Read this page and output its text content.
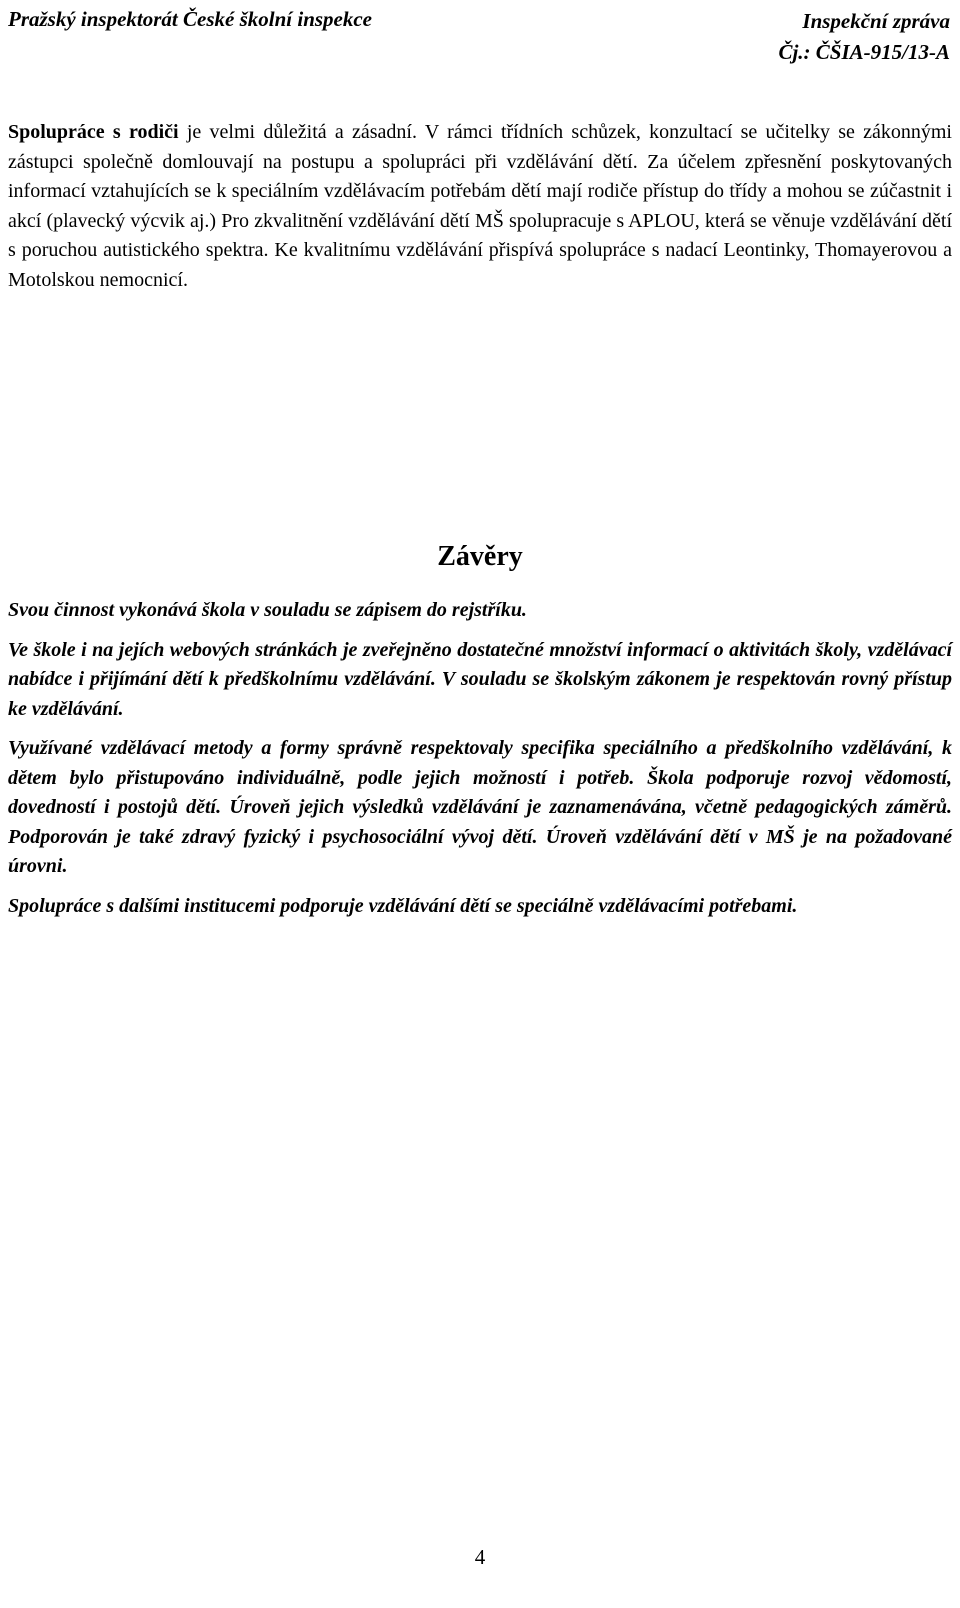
Pražský inspektorát České školní inspekce	Inspekční zpráva
Čj.: ČŠIA-915/13-A

Spolupráce s rodiči je velmi důležitá a zásadní. V rámci třídních schůzek, konzultací se učitelky se zákonnými zástupci společně domlouvají na postupu a spolupráci při vzdělávání dětí. Za účelem zpřesnění poskytovaných informací vztahujících se k speciálním vzdělávacím potřebám dětí mají rodiče přístup do třídy a mohou se zúčastnit i akcí (plavecký výcvik aj.) Pro zkvalitnění vzdělávání dětí MŠ spolupracuje s APLOU, která se věnuje vzdělávání dětí s poruchou autistického spektra. Ke kvalitnímu vzdělávání přispívá spolupráce s nadací Leontinky, Thomayerovou a Motolskou nemocnicí.

Závěry

Svou činnost vykonává škola v souladu se zápisem do rejstříku.

Ve škole i na jejích webových stránkách je zveřejněno dostatečné množství informací o aktivitách školy, vzdělávací nabídce i přijímání dětí k předškolnímu vzdělávání. V souladu se školským zákonem je respektován rovný přístup ke vzdělávání.

Využívané vzdělávací metody a formy správně respektovaly specifika speciálního a předškolního vzdělávání, k dětem bylo přistupováno individuálně, podle jejich možností i potřeb. Škola podporuje rozvoj vědomostí, dovedností i postojů dětí. Úroveň jejich výsledků vzdělávání je zaznamenávána, včetně pedagogických záměrů. Podporován je také zdravý fyzický i psychosociální vývoj dětí. Úroveň vzdělávání dětí v MŠ je na požadované úrovni.

Spolupráce s dalšími institucemi podporuje vzdělávání dětí se speciálně vzdělávacími potřebami.

4
